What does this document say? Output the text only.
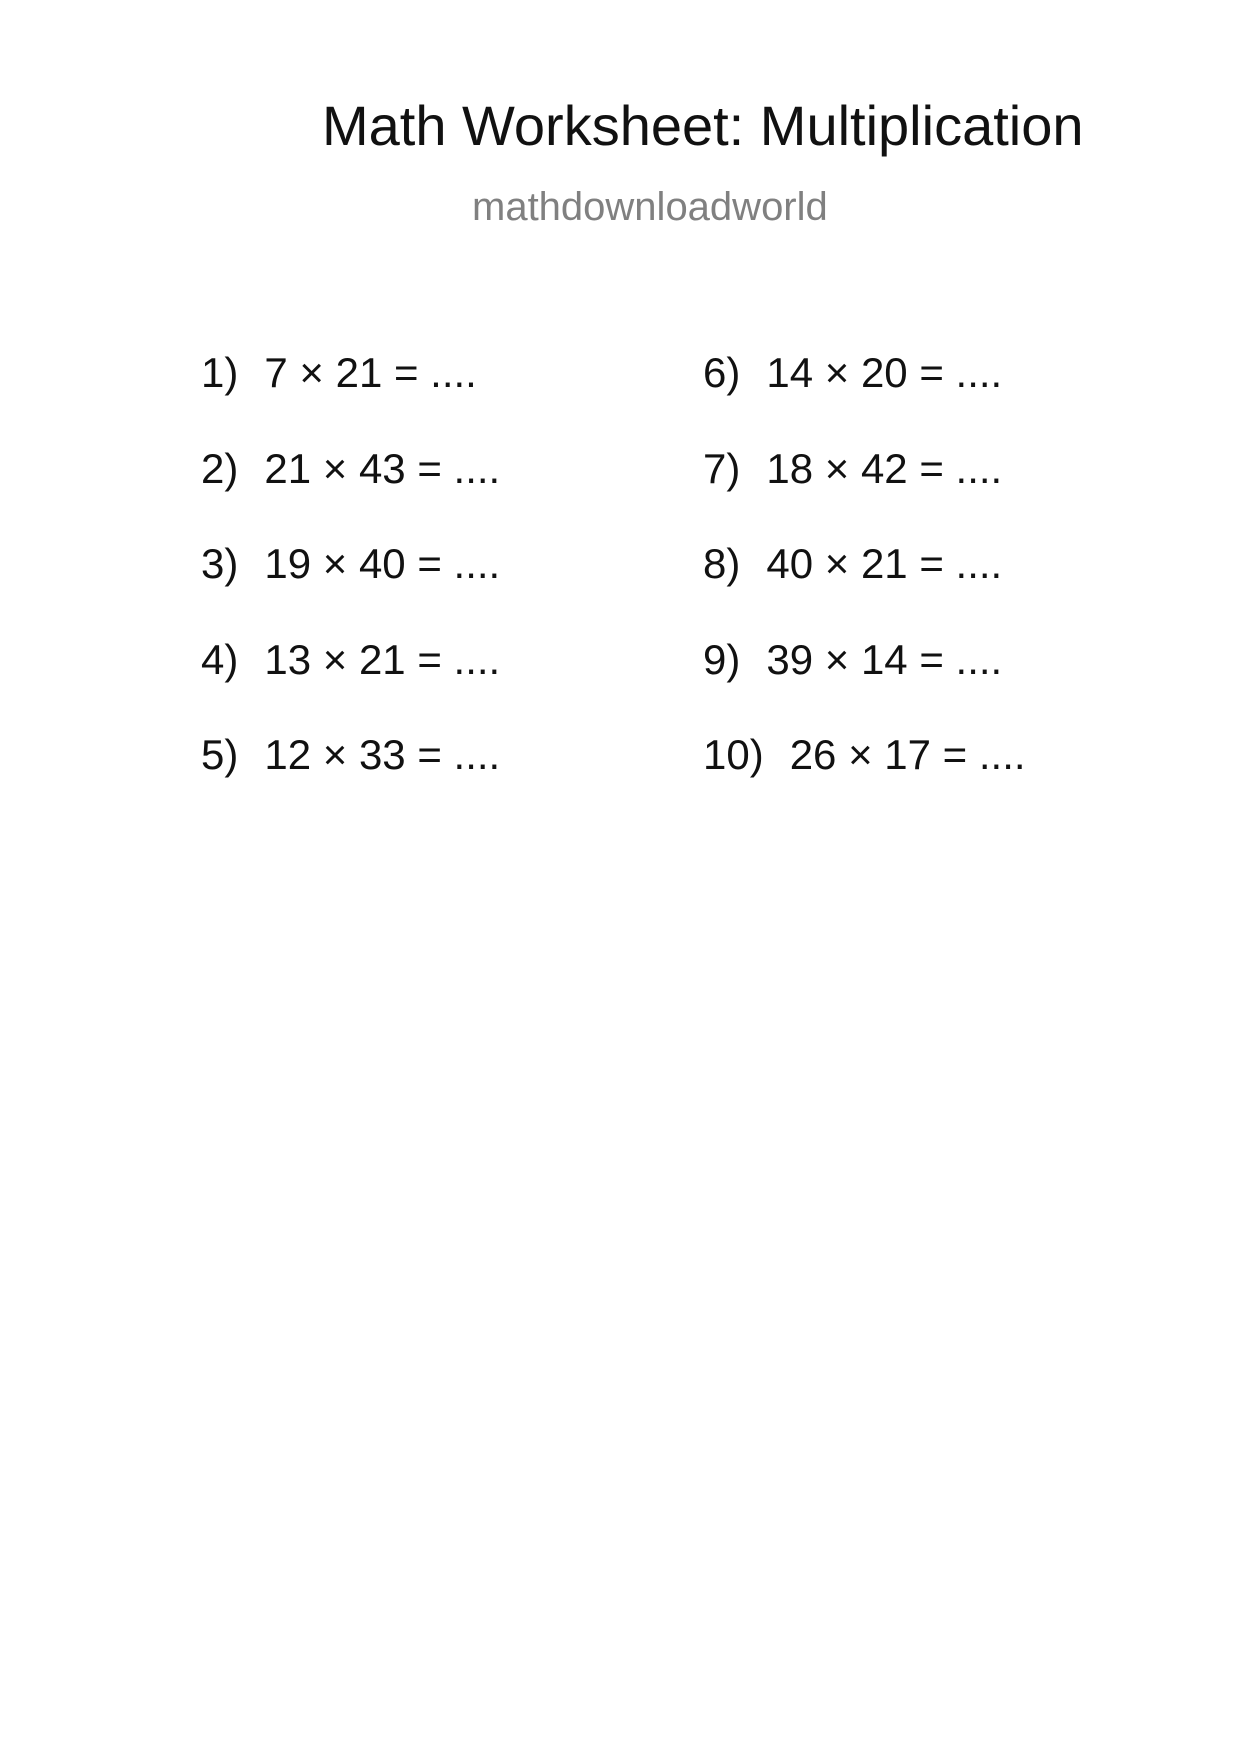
Math Worksheet: Multiplication
mathdownloadworld
1) 7 × 21 = ....
2) 21 × 43 = ....
3) 19 × 40 = ....
4) 13 × 21 = ....
5) 12 × 33 = ....
6) 14 × 20 = ....
7) 18 × 42 = ....
8) 40 × 21 = ....
9) 39 × 14 = ....
10) 26 × 17 = ....
